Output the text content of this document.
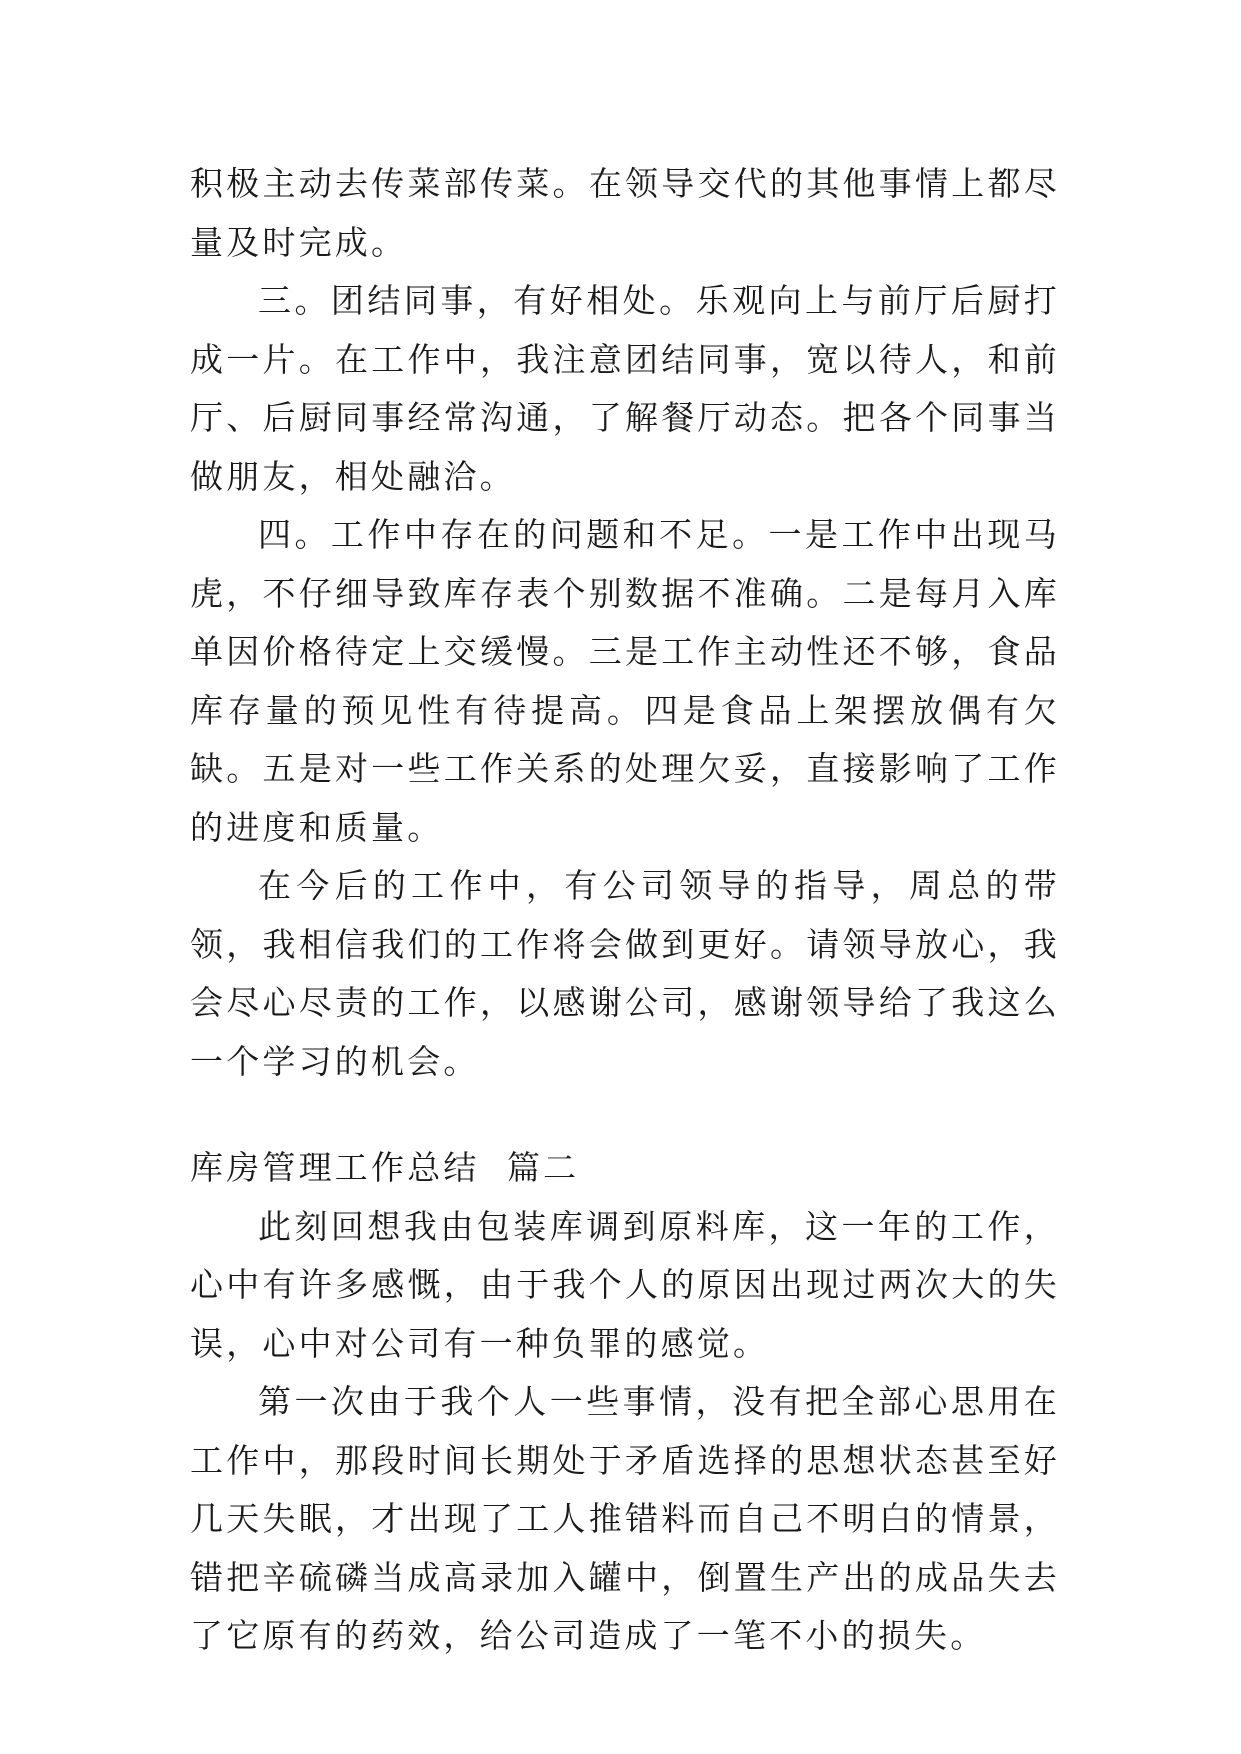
积极主动去传菜部传菜。在领导交代的其他事情上都尽量及时完成。

三。团结同事，有好相处。乐观向上与前厅后厨打成一片。在工作中，我注意团结同事，宽以待人，和前厅、后厨同事经常沟通，了解餐厅动态。把各个同事当做朋友，相处融洽。

四。工作中存在的问题和不足。一是工作中出现马虎，不仔细导致库存表个别数据不准确。二是每月入库单因价格待定上交缓慢。三是工作主动性还不够，食品库存量的预见性有待提高。四是食品上架摆放偶有欠缺。五是对一些工作关系的处理欠妥，直接影响了工作的进度和质量。

在今后的工作中，有公司领导的指导，周总的带领，我相信我们的工作将会做到更好。请领导放心，我会尽心尽责的工作，以感谢公司，感谢领导给了我这么一个学习的机会。

库房管理工作总结  篇二

此刻回想我由包装库调到原料库，这一年的工作，心中有许多感慨，由于我个人的原因出现过两次大的失误，心中对公司有一种负罪的感觉。

第一次由于我个人一些事情，没有把全部心思用在工作中，那段时间长期处于矛盾选择的思想状态甚至好几天失眠，才出现了工人推错料而自己不明白的情景，错把辛硫磷当成高录加入罐中，倒置生产出的成品失去了它原有的药效，给公司造成了一笔不小的损失。
